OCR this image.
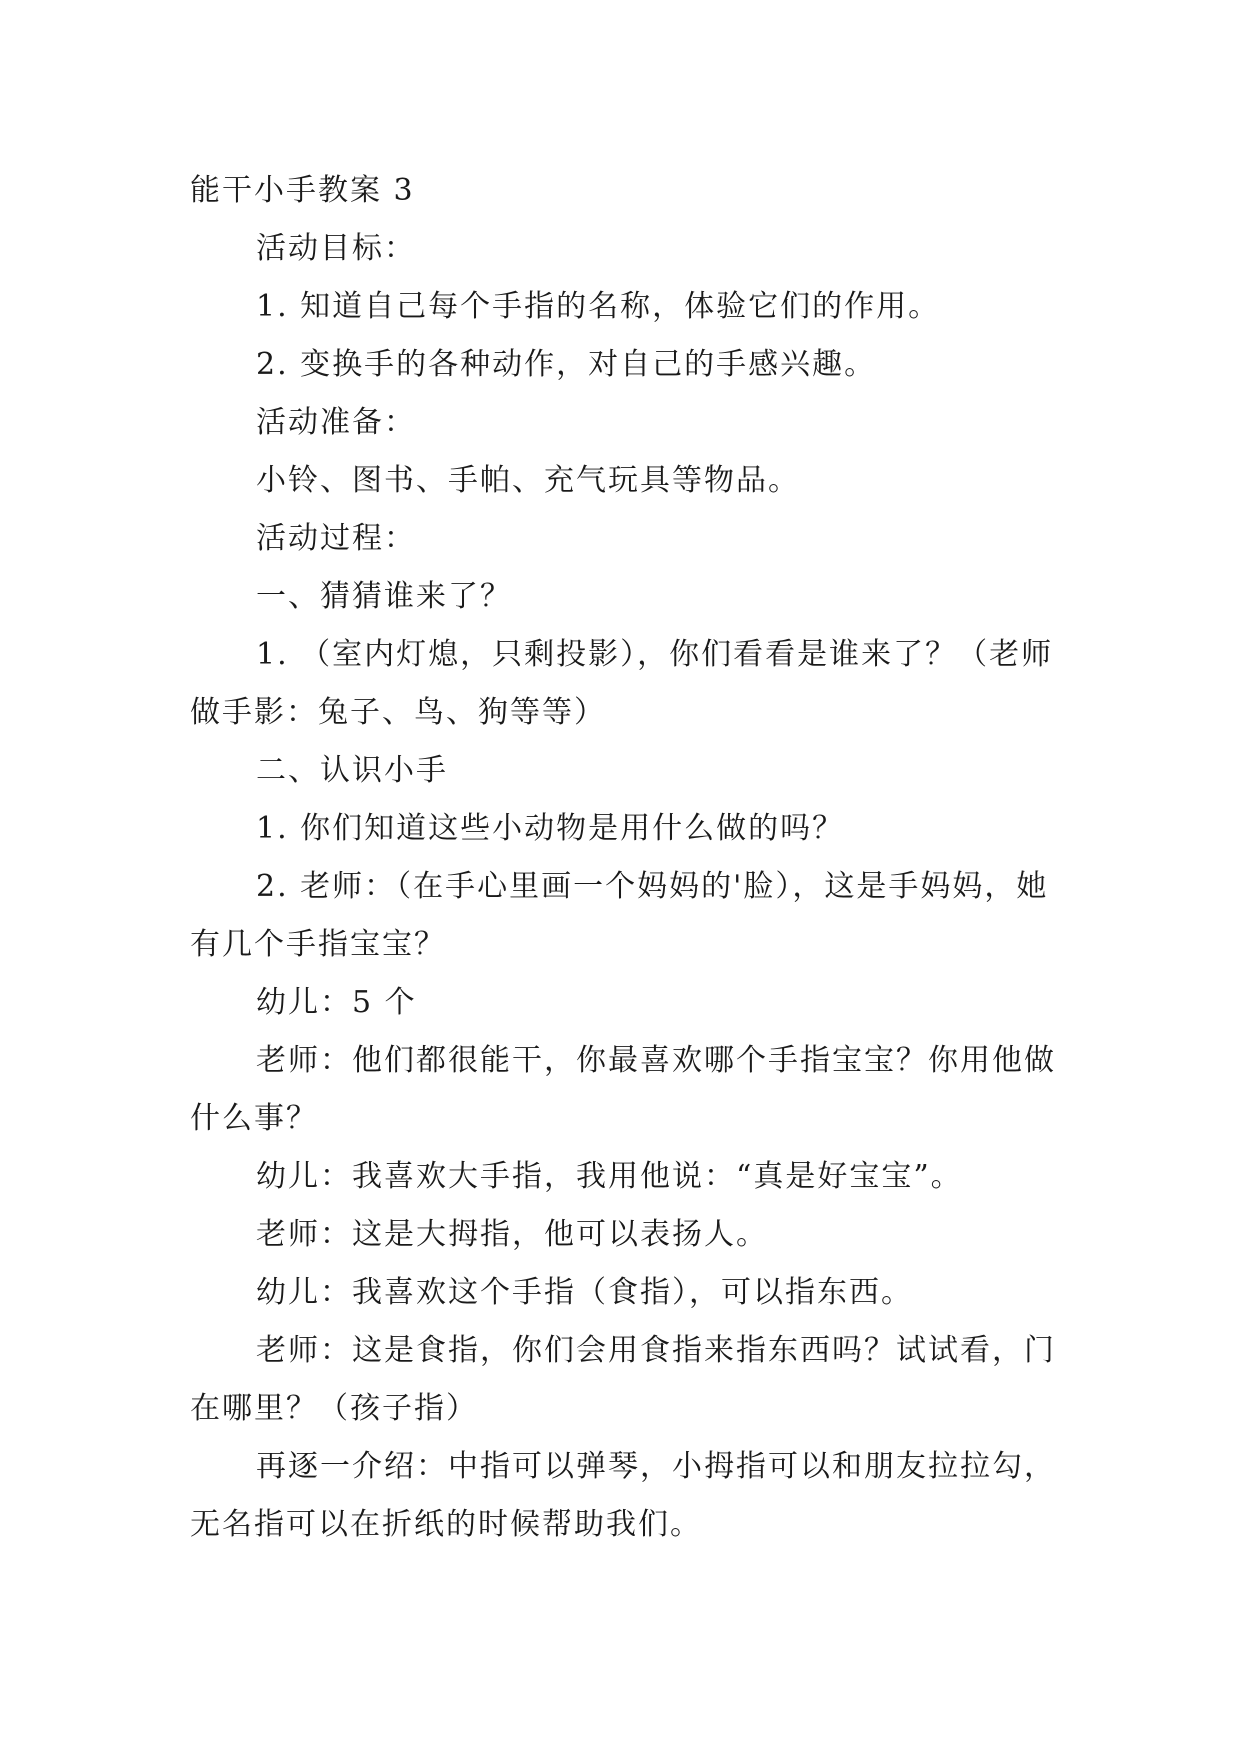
能干小手教案 3

活动目标：

1. 知道自己每个手指的名称，体验它们的作用。

2. 变换手的各种动作，对自己的手感兴趣。

活动准备：

小铃、图书、手帕、充气玩具等物品。

活动过程：

一、猜猜谁来了？

1. （室内灯熄，只剩投影），你们看看是谁来了？（老师做手影：兔子、鸟、狗等等）

二、认识小手

1. 你们知道这些小动物是用什么做的吗？

2. 老师：（在手心里画一个妈妈的'脸），这是手妈妈，她有几个手指宝宝？

幼儿：5 个

老师：他们都很能干，你最喜欢哪个手指宝宝？你用他做什么事？

幼儿：我喜欢大手指，我用他说：“真是好宝宝”。

老师：这是大拇指，他可以表扬人。

幼儿：我喜欢这个手指（食指），可以指东西。

老师：这是食指，你们会用食指来指东西吗？试试看，门在哪里？（孩子指）

再逐一介绍：中指可以弹琴，小拇指可以和朋友拉拉勾，无名指可以在折纸的时候帮助我们。
